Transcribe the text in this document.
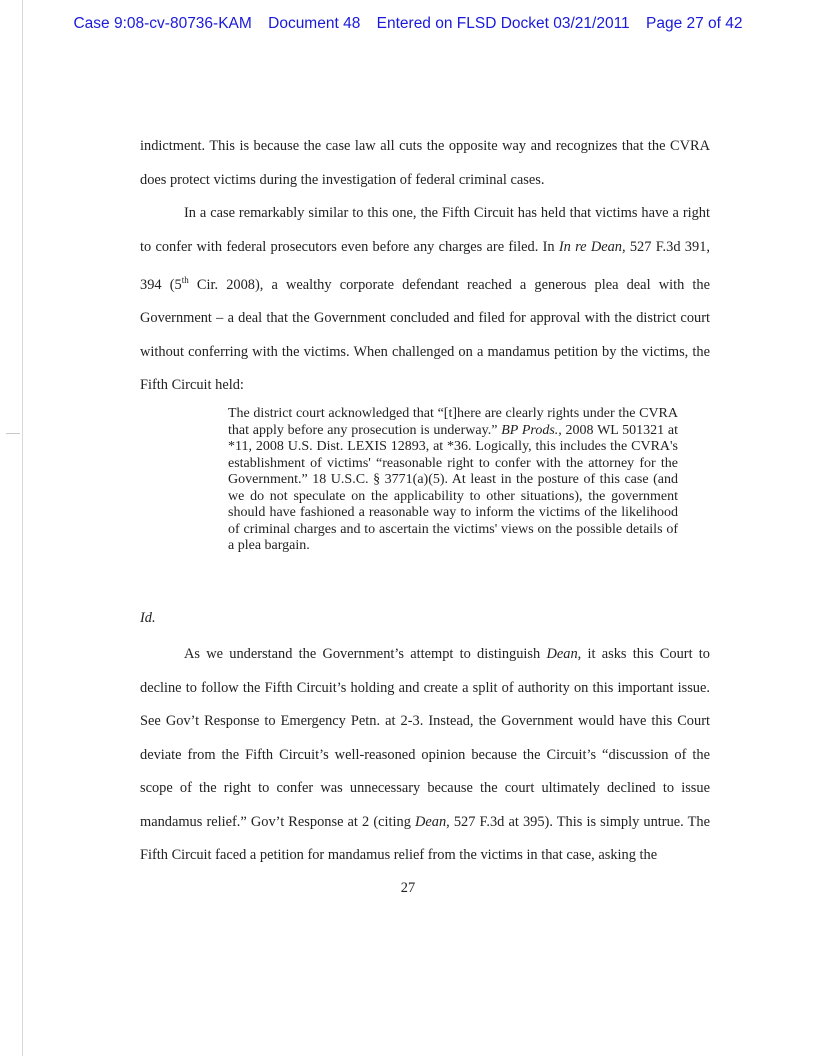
Case 9:08-cv-80736-KAM Document 48 Entered on FLSD Docket 03/21/2011 Page 27 of 42

indictment. This is because the case law all cuts the opposite way and recognizes that the CVRA does protect victims during the investigation of federal criminal cases.

In a case remarkably similar to this one, the Fifth Circuit has held that victims have a right to confer with federal prosecutors even before any charges are filed. In In re Dean, 527 F.3d 391, 394 (5th Cir. 2008), a wealthy corporate defendant reached a generous plea deal with the Government – a deal that the Government concluded and filed for approval with the district court without conferring with the victims. When challenged on a mandamus petition by the victims, the Fifth Circuit held:

The district court acknowledged that “[t]here are clearly rights under the CVRA that apply before any prosecution is underway.” BP Prods., 2008 WL 501321 at *11, 2008 U.S. Dist. LEXIS 12893, at *36. Logically, this includes the CVRA's establishment of victims' “reasonable right to confer with the attorney for the Government.” 18 U.S.C. § 3771(a)(5). At least in the posture of this case (and we do not speculate on the applicability to other situations), the government should have fashioned a reasonable way to inform the victims of the likelihood of criminal charges and to ascertain the victims' views on the possible details of a plea bargain.
Id.

As we understand the Government’s attempt to distinguish Dean, it asks this Court to decline to follow the Fifth Circuit’s holding and create a split of authority on this important issue. See Gov’t Response to Emergency Petn. at 2-3. Instead, the Government would have this Court deviate from the Fifth Circuit’s well-reasoned opinion because the Circuit’s “discussion of the scope of the right to confer was unnecessary because the court ultimately declined to issue mandamus relief.” Gov’t Response at 2 (citing Dean, 527 F.3d at 395). This is simply untrue. The Fifth Circuit faced a petition for mandamus relief from the victims in that case, asking the

27
